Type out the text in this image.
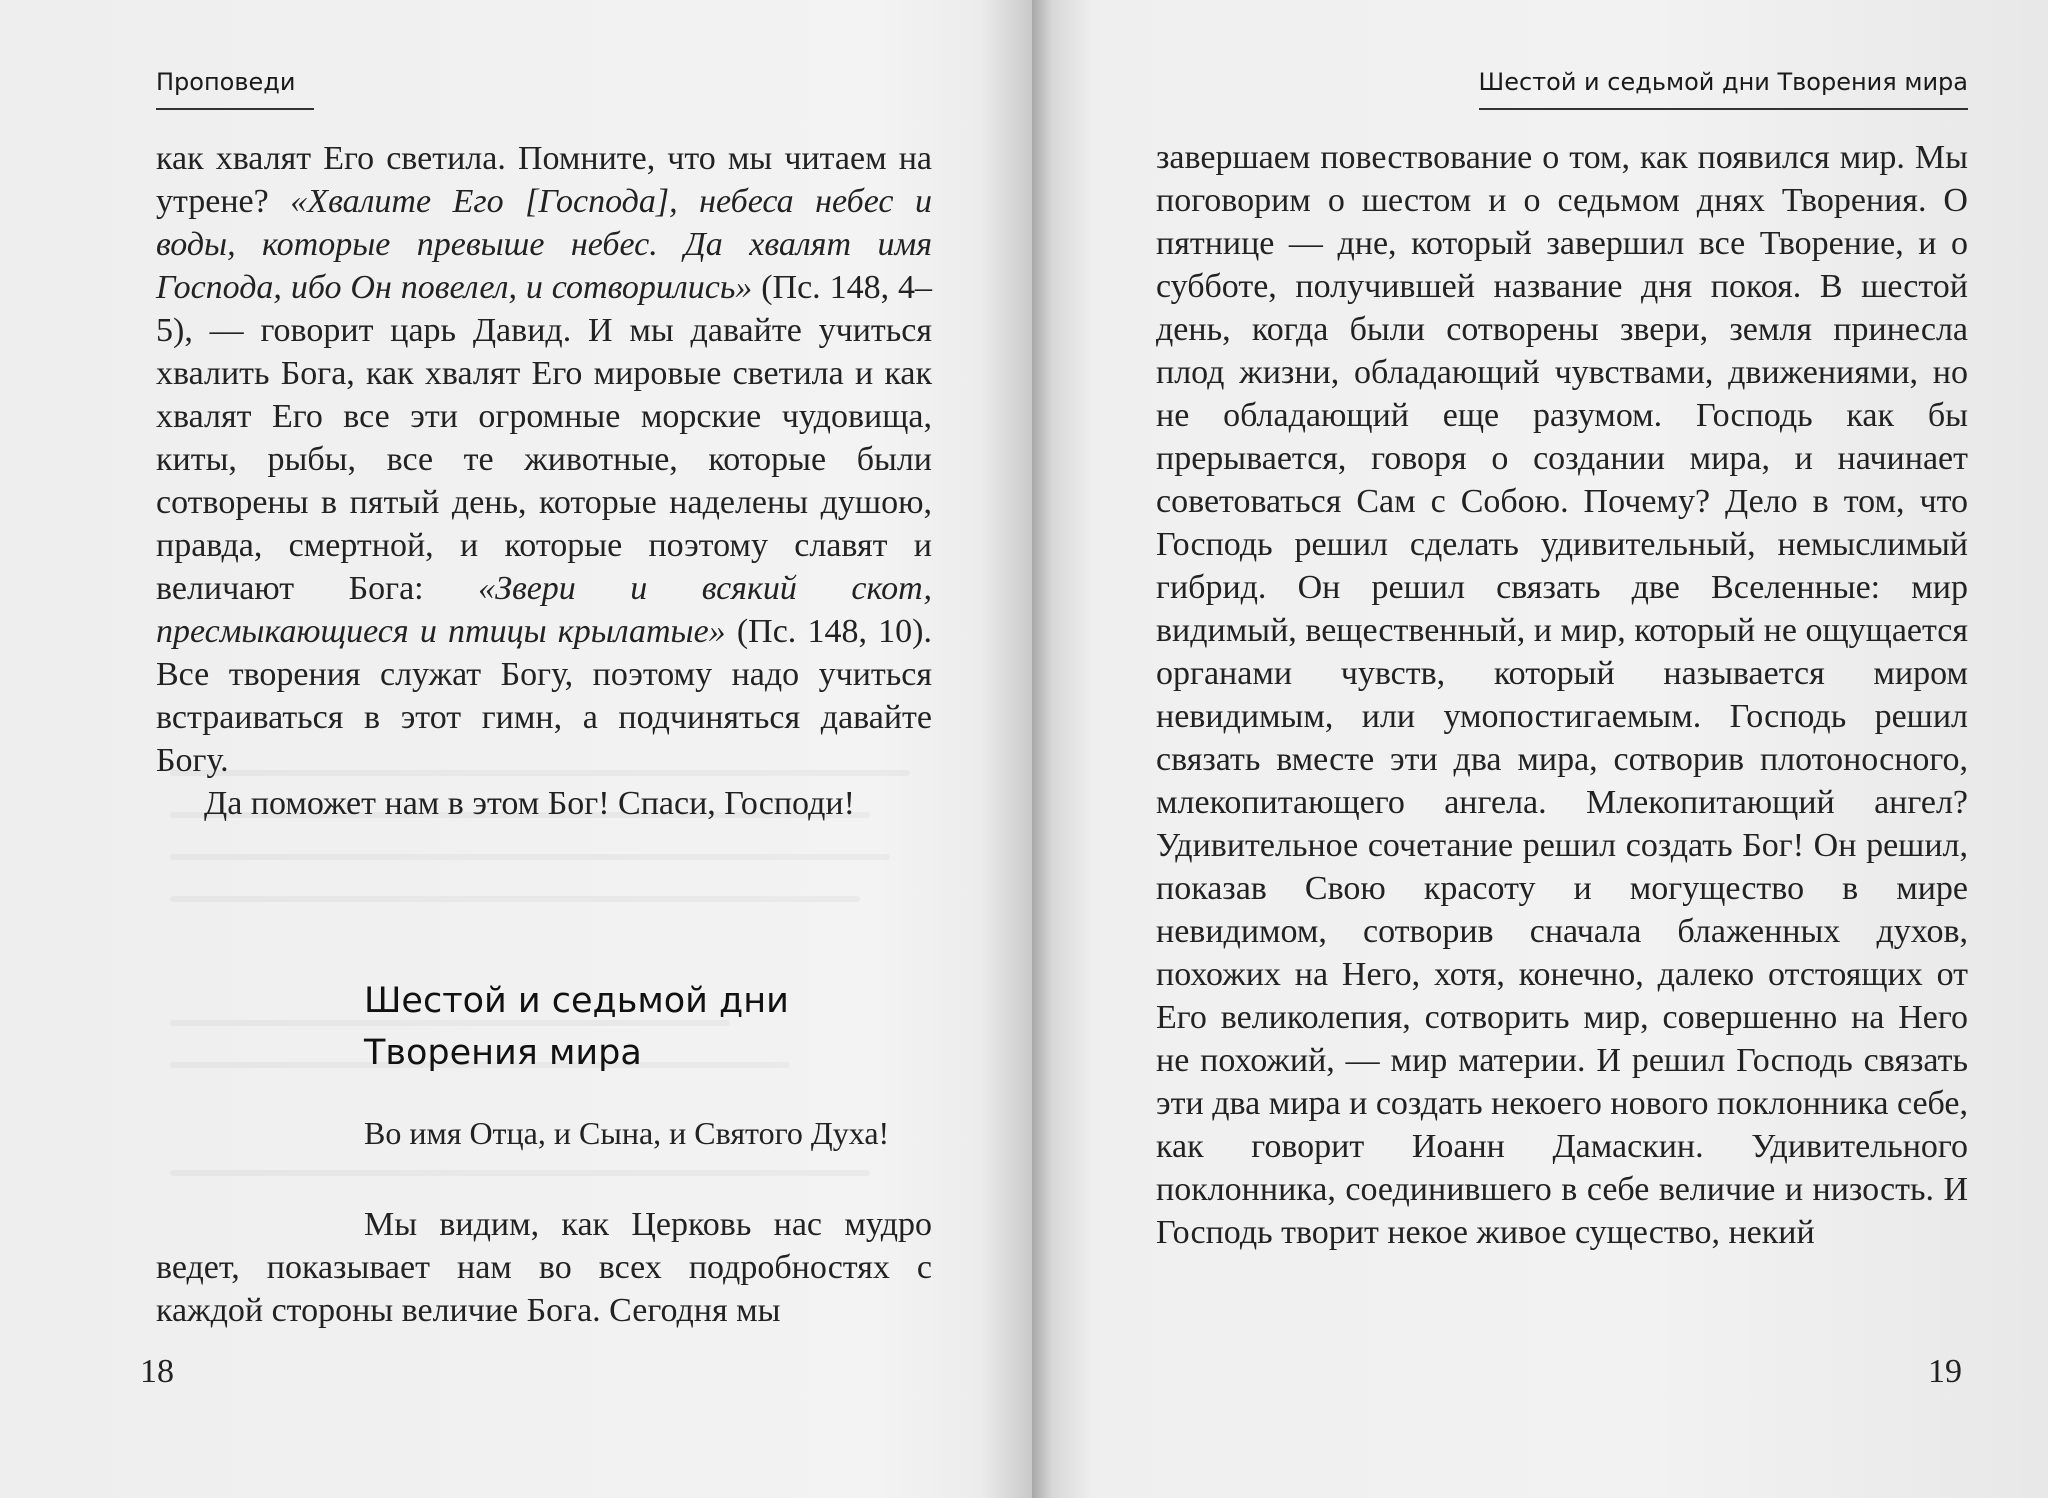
Проповеди

как хвалят Его светила. Помните, что мы читаем на утрене? «Хвалите Его [Господа], небеса небес и воды, которые превыше небес. Да хвалят имя Господа, ибо Он повелел, и сотворились» (Пс. 148, 4–5), — говорит царь Давид. И мы давайте учиться хвалить Бога, как хвалят Его мировые светила и как хвалят Его все эти огромные морские чудовища, киты, рыбы, все те животные, которые были сотворены в пятый день, которые наделены душою, правда, смертной, и которые поэтому славят и величают Бога: «Звери и всякий скот, пресмыкающиеся и птицы крылатые» (Пс. 148, 10). Все творения служат Богу, поэтому надо учиться встраиваться в этот гимн, а подчиняться давайте Богу.

Да поможет нам в этом Бог! Спаси, Господи!

Шестой и седьмой дни
Творения мира
Во имя Отца, и Сына, и Святого Духа!

Мы видим, как Церковь нас мудро ведет, показывает нам во всех подробностях с каждой стороны величие Бога. Сегодня мы

18
Шестой и седьмой дни Творения мира

завершаем повествование о том, как появился мир. Мы поговорим о шестом и о седьмом днях Творения. О пятнице — дне, который завершил все Творение, и о субботе, получившей название дня покоя. В шестой день, когда были сотворены звери, земля принесла плод жизни, обладающий чувствами, движениями, но не обладающий еще разумом. Господь как бы прерывается, говоря о создании мира, и начинает советоваться Сам с Собою. Почему? Дело в том, что Господь решил сделать удивительный, немыслимый гибрид. Он решил связать две Вселенные: мир видимый, вещественный, и мир, который не ощущается органами чувств, который называется миром невидимым, или умопостигаемым. Господь решил связать вместе эти два мира, сотворив плотоносного, млекопитающего ангела. Млекопитающий ангел? Удивительное сочетание решил создать Бог! Он решил, показав Свою красоту и могущество в мире невидимом, сотворив сначала блаженных духов, похожих на Него, хотя, конечно, далеко отстоящих от Его великолепия, сотворить мир, совершенно на Него не похожий, — мир материи. И решил Господь связать эти два мира и создать некоего нового поклонника себе, как говорит Иоанн Дамаскин. Удивительного поклонника, соединившего в себе величие и низость. И Господь творит некое живое существо, некий

19
